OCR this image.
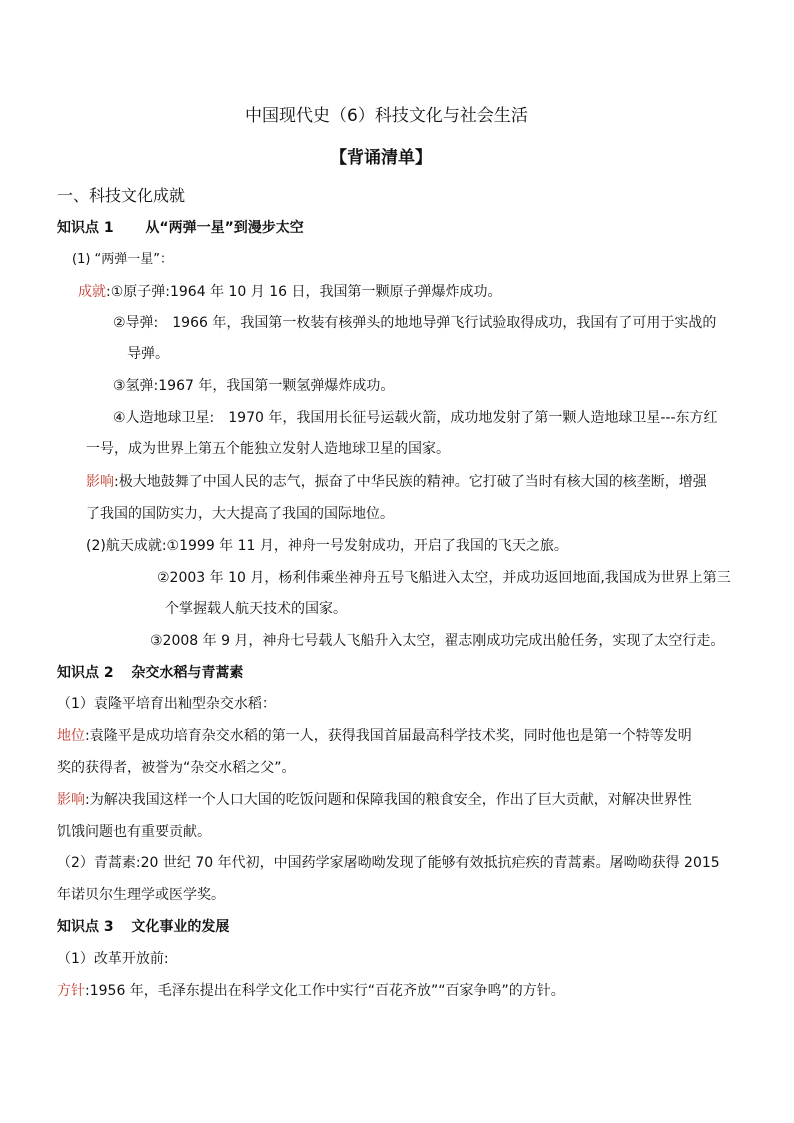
中国现代史（6）科技文化与社会生活
【背诵清单】
一、科技文化成就
知识点 1 从“两弹一星”到漫步太空
(1) “两弹一星”：
成就:①原子弹:1964 年 10 月 16 日，我国第一颗原子弹爆炸成功。
②导弹:　1966 年，我国第一枚装有核弹头的地地导弹飞行试验取得成功，我国有了可用于实战的
导弹。
③氢弹:1967 年，我国第一颗氢弹爆炸成功。
④人造地球卫星:　1970 年，我国用长征号运载火箭，成功地发射了第一颗人造地球卫星---东方红
一号，成为世界上第五个能独立发射人造地球卫星的国家。
影响:极大地鼓舞了中国人民的志气，振奋了中华民族的精神。它打破了当时有核大国的核垄断，增强
了我国的国防实力，大大提高了我国的国际地位。
(2)航天成就:①1999 年 11 月，神舟一号发射成功，开启了我国的飞天之旅。
②2003 年 10 月，杨利伟乘坐神舟五号飞船进入太空，并成功返回地面,我国成为世界上第三
个掌握载人航天技术的国家。
③2008 年 9 月，神舟七号载人飞船升入太空，翟志刚成功完成出舱任务，实现了太空行走。
知识点 2 杂交水稻与青蒿素
（1）袁隆平培育出籼型杂交水稻：
地位:袁隆平是成功培育杂交水稻的第一人，获得我国首届最高科学技术奖，同时他也是第一个特等发明
奖的获得者，被誉为“杂交水稻之父”。
影响:为解决我国这样一个人口大国的吃饭问题和保障我国的粮食安全，作出了巨大贡献，对解决世界性
饥饿问题也有重要贡献。
（2）青蒿素:20 世纪 70 年代初，中国药学家屠呦呦发现了能够有效抵抗疟疾的青蒿素。屠呦呦获得 2015
年诺贝尔生理学或医学奖。
知识点 3 文化事业的发展
（1）改革开放前:
方针:1956 年，毛泽东提出在科学文化工作中实行“百花齐放”“百家争鸣”的方针。
